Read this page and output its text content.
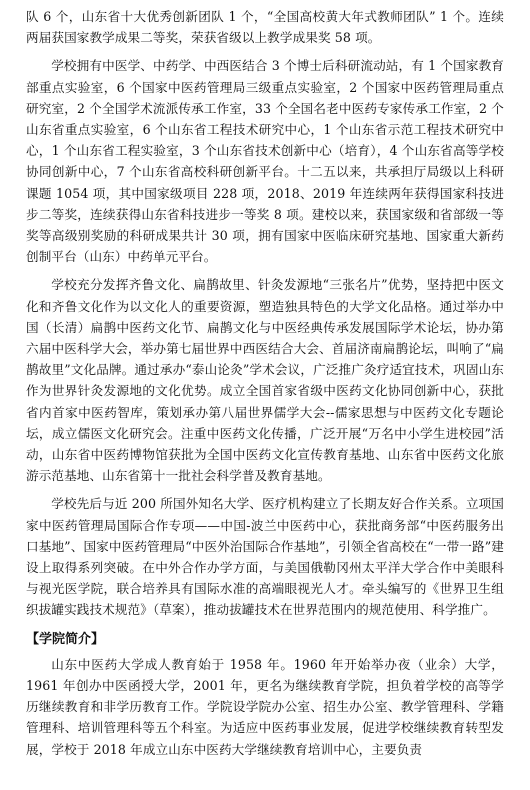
队 6 个，山东省十大优秀创新团队 1 个，“全国高校黄大年式教师团队” 1 个。连续两届获国家教学成果二等奖，荣获省级以上教学成果奖 58 项。

学校拥有中医学、中药学、中西医结合 3 个博士后科研流动站，有 1 个国家教育部重点实验室，6 个国家中医药管理局三级重点实验室，2 个国家中医药管理局重点研究室，2 个全国学术流派传承工作室，33 个全国名老中医药专家传承工作室，2 个山东省重点实验室，6 个山东省工程技术研究中心，1 个山东省示范工程技术研究中心，1 个山东省工程实验室，3 个山东省技术创新中心（培育），4 个山东省高等学校协同创新中心，7 个山东省高校科研创新平台。十二五以来，共承担厅局级以上科研课题 1054 项，其中国家级项目 228 项，2018、2019 年连续两年获得国家科技进步二等奖，连续获得山东省科技进步一等奖 8 项。建校以来，获国家级和省部级一等奖等高级别奖励的科研成果共计 30 项，拥有国家中医临床研究基地、国家重大新药创制平台（山东）中药单元平台。

学校充分发挥齐鲁文化、扁鹊故里、针灸发源地“三张名片”优势，坚持把中医文化和齐鲁文化作为以文化人的重要资源，塑造独具特色的大学文化品格。通过举办中国（长清）扁鹊中医药文化节、扁鹊文化与中医经典传承发展国际学术论坛，协办第六届中医科学大会，举办第七届世界中西医结合大会、首届济南扁鹊论坛，叫响了“扁鹊故里”文化品牌。通过承办“泰山论灸”学术会议，广泛推广灸疗适宜技术，巩固山东作为世界针灸发源地的文化优势。成立全国首家省级中医药文化协同创新中心，获批省内首家中医药智库，策划承办第八届世界儒学大会--儒家思想与中医药文化专题论坛，成立儒医文化研究会。注重中医药文化传播，广泛开展“万名中小学生进校园”活动，山东省中医药博物馆获批为全国中医药文化宣传教育基地、山东省中医药文化旅游示范基地、山东省第十一批社会科学普及教育基地。

学校先后与近 200 所国外知名大学、医疗机构建立了长期友好合作关系。立项国家中医药管理局国际合作专项——中国-波兰中医药中心，获批商务部“中医药服务出口基地”、国家中医药管理局“中医外治国际合作基地”，引领全省高校在“一带一路”建设上取得系列突破。在中外合作办学方面，与美国俄勒冈州太平洋大学合作中美眼科与视光医学院，联合培养具有国际水准的高端眼视光人才。牵头编写的《世界卫生组织拔罐实践技术规范》（草案），推动拔罐技术在世界范围内的规范使用、科学推广。

【学院简介】

山东中医药大学成人教育始于 1958 年。1960 年开始举办夜（业余）大学，1961 年创办中医函授大学，2001 年，更名为继续教育学院，担负着学校的高等学历继续教育和非学历教育工作。学院设学院办公室、招生办公室、教学管理科、学籍管理科、培训管理科等五个科室。为适应中医药事业发展，促进学校继续教育转型发展，学校于 2018 年成立山东中医药大学继续教育培训中心，主要负责
